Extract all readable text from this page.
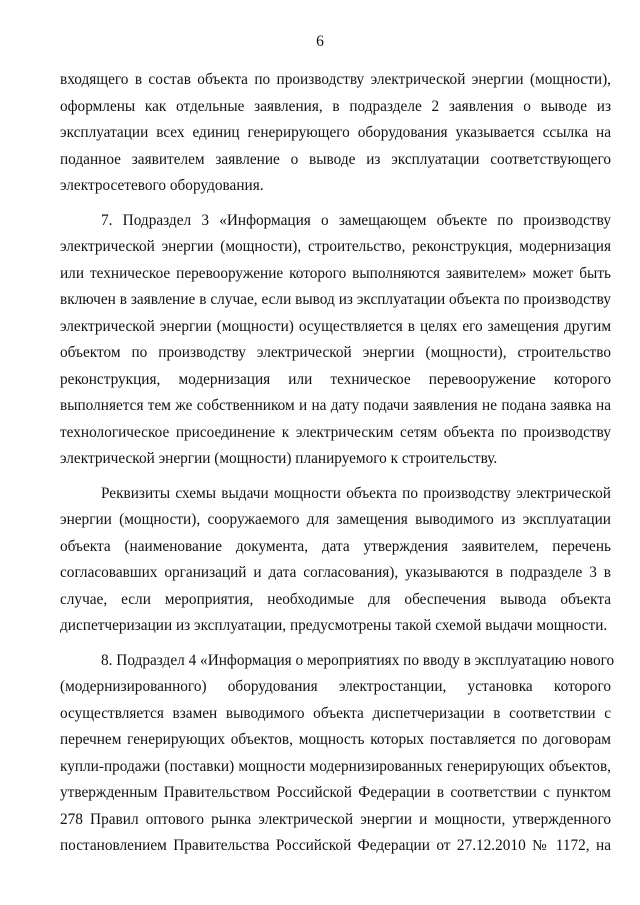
6
входящего в состав объекта по производству электрической энергии (мощности),
оформлены как отдельные заявления, в подразделе 2 заявления о выводе из
эксплуатации всех единиц генерирующего оборудования указывается ссылка на
поданное заявителем заявление о выводе из эксплуатации соответствующего
электросетевого оборудования.
7. Подраздел 3 «Информация о замещающем объекте по производству
электрической энергии (мощности), строительство, реконструкция, модернизация
или техническое перевооружение которого выполняются заявителем» может быть
включен в заявление в случае, если вывод из эксплуатации объекта по производству
электрической энергии (мощности) осуществляется в целях его замещения другим
объектом по производству электрической энергии (мощности), строительство
реконструкция, модернизация или техническое перевооружение которого
выполняется тем же собственником и на дату подачи заявления не подана заявка на
технологическое присоединение к электрическим сетям объекта по производству
электрической энергии (мощности) планируемого к строительству.
Реквизиты схемы выдачи мощности объекта по производству электрической
энергии (мощности), сооружаемого для замещения выводимого из эксплуатации
объекта (наименование документа, дата утверждения заявителем, перечень
согласовавших организаций и дата согласования), указываются в подразделе 3 в
случае, если мероприятия, необходимые для обеспечения вывода объекта
диспетчеризации из эксплуатации, предусмотрены такой схемой выдачи мощности.
8. Подраздел 4 «Информация о мероприятиях по вводу в эксплуатацию нового
(модернизированного) оборудования электростанции, установка которого
осуществляется взамен выводимого объекта диспетчеризации в соответствии с
перечнем генерирующих объектов, мощность которых поставляется по договорам
купли-продажи (поставки) мощности модернизированных генерирующих объектов,
утвержденным Правительством Российской Федерации в соответствии с пунктом
278 Правил оптового рынка электрической энергии и мощности, утвержденного
постановлением Правительства Российской Федерации от 27.12.2010 № 1172, на
